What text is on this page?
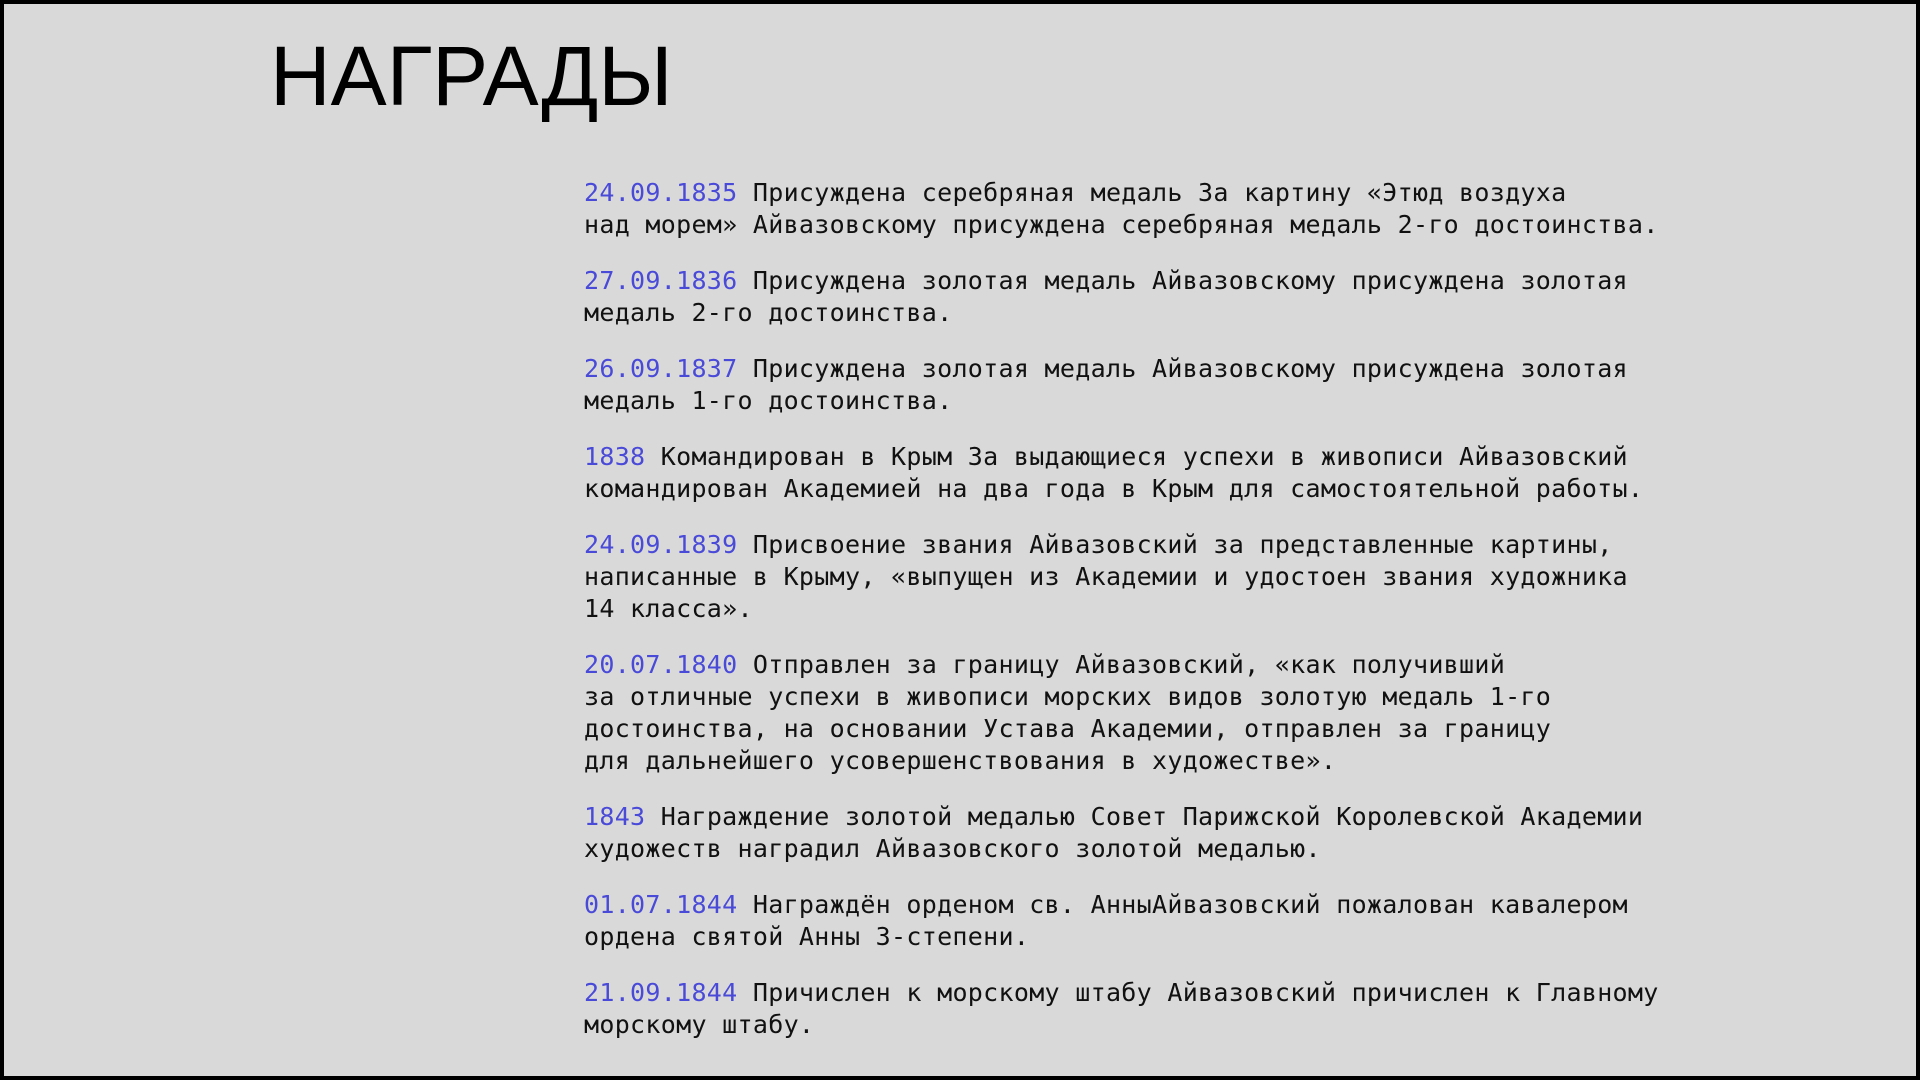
НАГРАДЫ

24.09.1835 Присуждена серебряная медаль За картину «Этюд воздуха
над морем» Айвазовскому присуждена серебряная медаль 2-го достоинства.

27.09.1836 Присуждена золотая медаль Айвазовскому присуждена золотая
медаль 2-го достоинства.

26.09.1837 Присуждена золотая медаль Айвазовскому присуждена золотая
медаль 1-го достоинства.

1838 Командирован в Крым За выдающиеся успехи в живописи Айвазовский
командирован Академией на два года в Крым для самостоятельной работы.

24.09.1839 Присвоение звания Айвазовский за представленные картины,
написанные в Крыму, «выпущен из Академии и удостоен звания художника
14 класса».

20.07.1840 Отправлен за границу Айвазовский, «как получивший
за отличные успехи в живописи морских видов золотую медаль 1-го
достоинства, на основании Устава Академии, отправлен за границу
для дальнейшего усовершенствования в художестве».

1843 Награждение золотой медалью Совет Парижской Королевской Академии
художеств наградил Айвазовского золотой медалью.

01.07.1844 Награждён орденом св. АнныАйвазовский пожалован кавалером
ордена святой Анны 3-степени.

21.09.1844 Причислен к морскому штабу Айвазовский причислен к Главному
морскому штабу.
